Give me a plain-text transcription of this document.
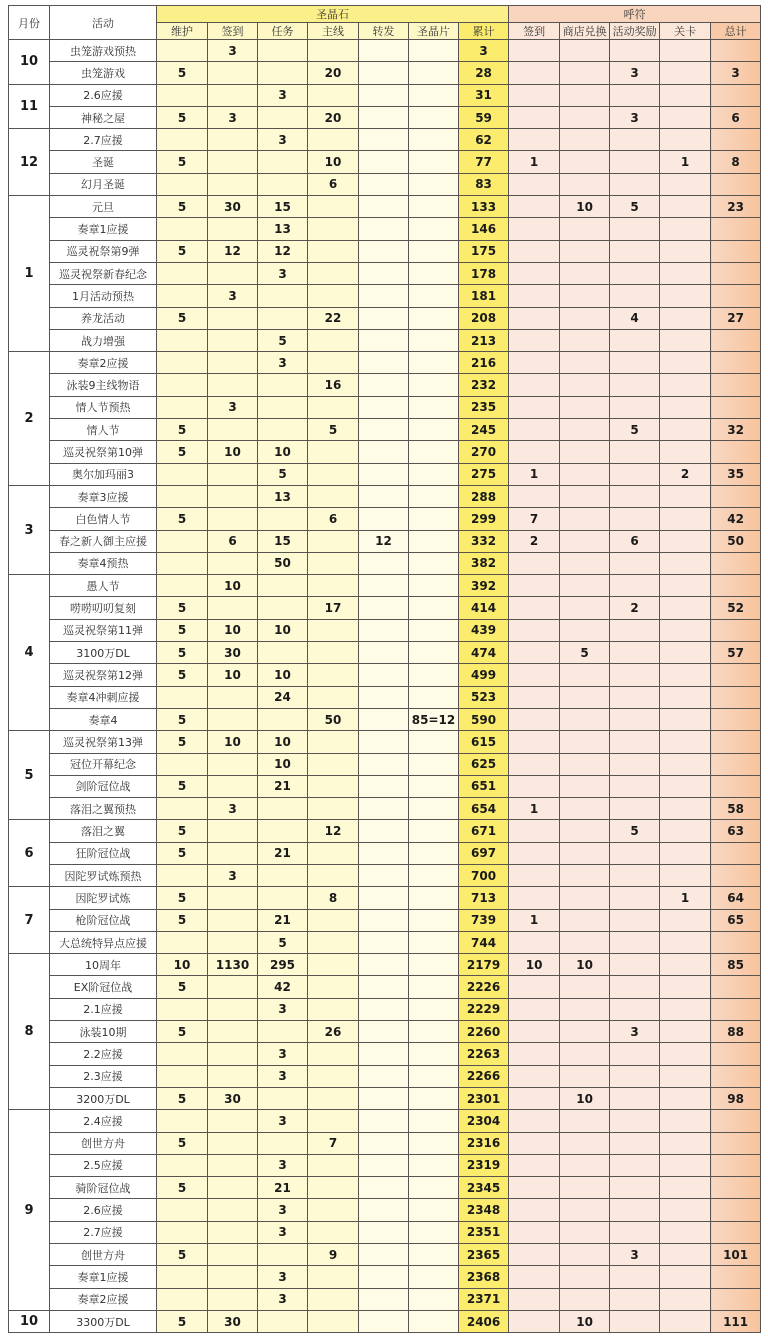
月份	活动	圣晶石							呼符				
		维护	签到	任务	主线	转发	圣晶片	累计	签到	商店兑换	活动奖励	关卡	总计
10	虫笼游戏预热		3					3					
	虫笼游戏	5			20			28			3		3
11	2.6应援			3				31					
	神秘之屋	5	3		20			59			3		6
12	2.7应援			3				62					
	圣诞	5			10			77	1			1	8
	幻月圣诞				6			83					
1	元旦	5	30	15				133		10	5		23
	奏章1应援			13				146					
	巡灵祝祭第9弹	5	12	12				175					
	巡灵祝祭新春纪念			3				178					
	1月活动预热		3					181					
	养龙活动	5			22			208			4		27
	战力增强			5				213					
2	奏章2应援			3				216					
	泳装9主线物语				16			232					
	情人节预热		3					235					
	情人节	5			5			245			5		32
	巡灵祝祭第10弹	5	10	10				270					
	奥尔加玛丽3			5				275	1			2	35
3	奏章3应援			13				288					
	白色情人节	5			6			299	7				42
	春之新人御主应援		6	15		12		332	2		6		50
	奏章4预热			50				382					
4	愚人节		10					392					
	唠唠叨叨复刻	5			17			414			2		52
	巡灵祝祭第11弹	5	10	10				439					
	3100万DL	5	30					474		5			57
	巡灵祝祭第12弹	5	10	10				499					
	奏章4冲刺应援			24				523					
	奏章4	5			50		85=12	590					
5	巡灵祝祭第13弹	5	10	10				615					
	冠位开幕纪念			10				625					
	剑阶冠位战	5		21				651					
	落泪之翼预热		3					654	1				58
6	落泪之翼	5			12			671			5		63
	狂阶冠位战	5		21				697					
	因陀罗试炼预热		3					700					
7	因陀罗试炼	5			8			713				1	64
	枪阶冠位战	5		21				739	1				65
	大总统特异点应援			5				744					
8	10周年	10	1130	295				2179	10	10			85
	EX阶冠位战	5		42				2226					
	2.1应援			3				2229					
	泳装10期	5			26			2260			3		88
	2.2应援			3				2263					
	2.3应援			3				2266					
	3200万DL	5	30					2301		10			98
9	2.4应援			3				2304					
	创世方舟	5			7			2316					
	2.5应援			3				2319					
	骑阶冠位战	5		21				2345					
	2.6应援			3				2348					
	2.7应援			3				2351					
	创世方舟	5			9			2365			3		101
	奏章1应援			3				2368					
	奏章2应援			3				2371					
10	3300万DL	5	30					2406		10			111
